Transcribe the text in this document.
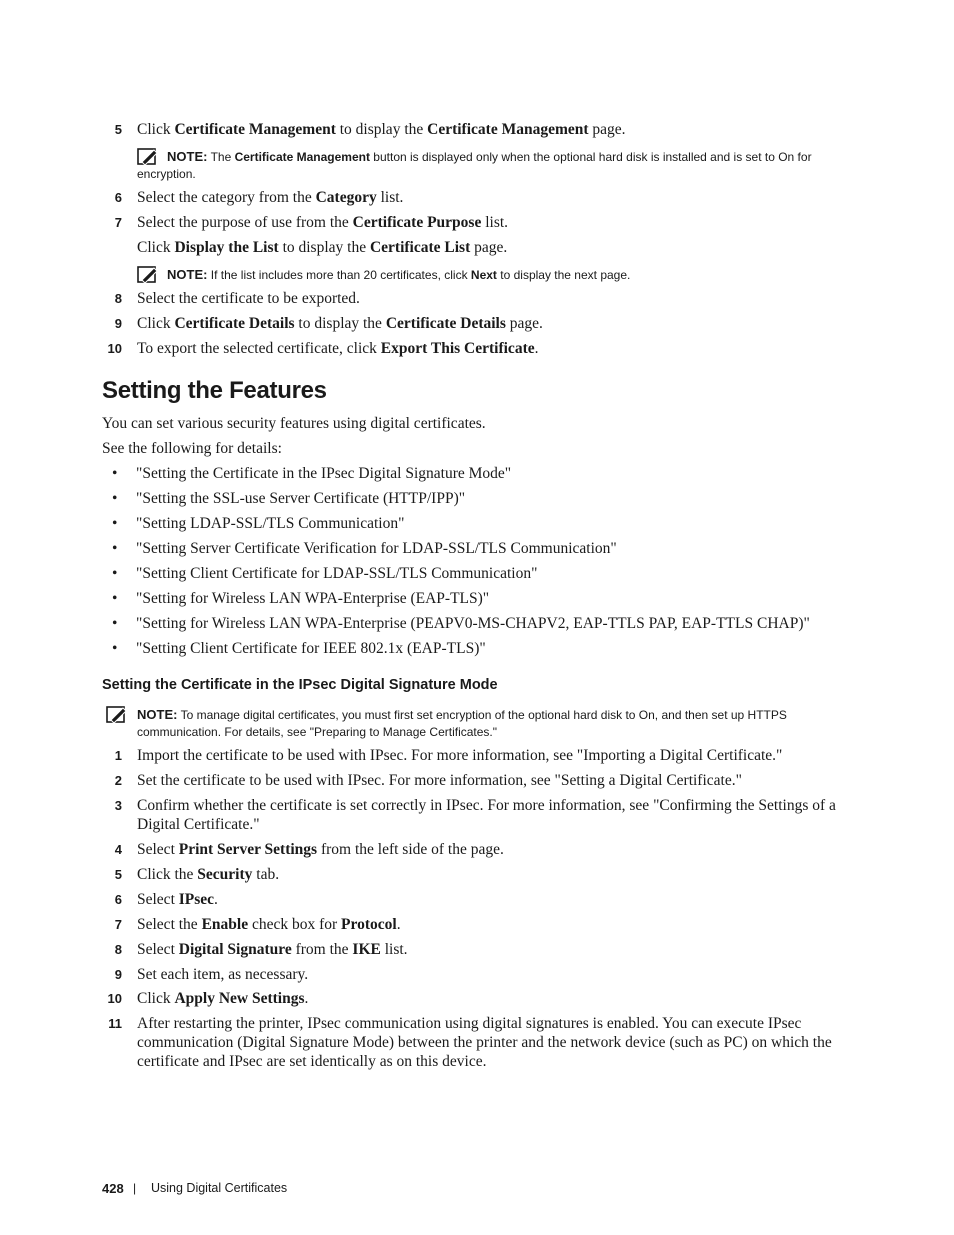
5 Click Certificate Management to display the Certificate Management page.
NOTE: The Certificate Management button is displayed only when the optional hard disk is installed and is set to On for
encryption.
6 Select the category from the Category list.
7 Select the purpose of use from the Certificate Purpose list.
Click Display the List to display the Certificate List page.
NOTE: If the list includes more than 20 certificates, click Next to display the next page.
8 Select the certificate to be exported.
9 Click Certificate Details to display the Certificate Details page.
10 To export the selected certificate, click Export This Certificate.
Setting the Features
You can set various security features using digital certificates.
See the following for details:
• "Setting the Certificate in the IPsec Digital Signature Mode"
• "Setting the SSL-use Server Certificate (HTTP/IPP)"
• "Setting LDAP-SSL/TLS Communication"
• "Setting Server Certificate Verification for LDAP-SSL/TLS Communication"
• "Setting Client Certificate for LDAP-SSL/TLS Communication"
• "Setting for Wireless LAN WPA-Enterprise (EAP-TLS)"
• "Setting for Wireless LAN WPA-Enterprise (PEAPV0-MS-CHAPV2, EAP-TTLS PAP, EAP-TTLS CHAP)"
• "Setting Client Certificate for IEEE 802.1x (EAP-TLS)"
Setting the Certificate in the IPsec Digital Signature Mode
NOTE: To manage digital certificates, you must first set encryption of the optional hard disk to On, and then set up HTTPS
communication. For details, see "Preparing to Manage Certificates."
1 Import the certificate to be used with IPsec. For more information, see "Importing a Digital Certificate."
2 Set the certificate to be used with IPsec. For more information, see "Setting a Digital Certificate."
3 Confirm whether the certificate is set correctly in IPsec. For more information, see "Confirming the Settings of a
Digital Certificate."
4 Select Print Server Settings from the left side of the page.
5 Click the Security tab.
6 Select IPsec.
7 Select the Enable check box for Protocol.
8 Select Digital Signature from the IKE list.
9 Set each item, as necessary.
10 Click Apply New Settings.
11 After restarting the printer, IPsec communication using digital signatures is enabled. You can execute IPsec
communication (Digital Signature Mode) between the printer and the network device (such as PC) on which the
certificate and IPsec are set identically as on this device.
428 | Using Digital Certificates
